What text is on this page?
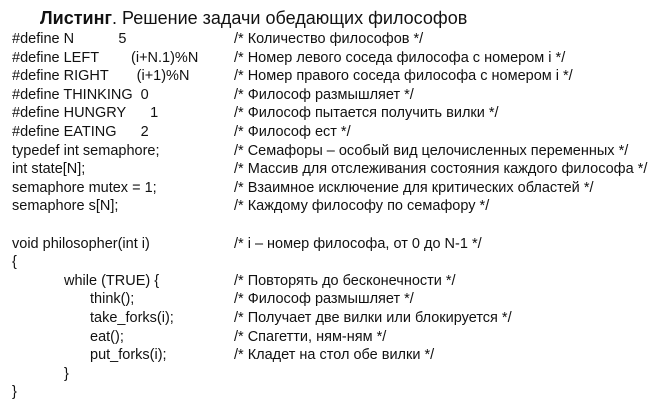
Листинг. Решение задачи обедающих философов
#define N           5	/* Количество философов */
#define LEFT        (i+N.1)%N /* Номер левого соседа философа с номером i */
#define RIGHT       (i+1)%N	/* Номер правого соседа философа с номером i */
#define THINKING  0	/* Философ размышляет */
#define HUNGRY      1	/* Философ пытается получить вилки */
#define EATING      2	/* Философ ест */
typedef int semaphore;	/* Семафоры – особый вид целочисленных переменных */
int state[N];	/* Массив для отслеживания состояния каждого философа */
semaphore mutex = 1;	/* Взаимное исключение для критических областей */
semaphore s[N];	/* Каждому философу по семафору */
void philosopher(int i)	/* i – номер философа, от 0 до N-1 */
{
while (TRUE) {	/* Повторять до бесконечности */
think();	/* Философ размышляет */
take_forks(i);	/* Получает две вилки или блокируется */
eat();	/* Спагетти, ням-ням */
put_forks(i);	/* Кладет на стол обе вилки */
}
}
